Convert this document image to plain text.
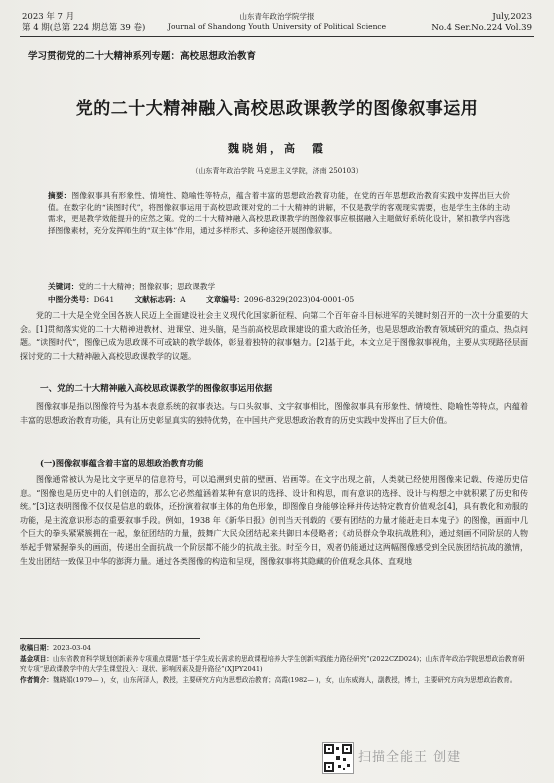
2023 年 7 月
第 4 期(总第 224 期总第 39 卷)
山东青年政治学院学报
Journal of Shandong Youth University of Political Science
July,2023
No.4 Ser.No.224 Vol.39
学习贯彻党的二十大精神系列专题：高校思想政治教育
党的二十大精神融入高校思政课教学的图像叙事运用
魏晓娟，高　霞
（山东青年政治学院 马克思主义学院，济南 250103）
摘要：图像叙事具有形象性、情境性、隐喻性等特点，蕴含着丰富的思想政治教育功能，在党的百年思想政治教育实践中发挥出巨大价值。在数字化的“读图时代”，将图像叙事运用于高校思政课对党的二十大精神的讲解，不仅是教学的客观现实需要，也是学生主体的主动需求，更是教学效能提升的应然之策。党的二十大精神融入高校思政课教学的图像叙事应根据融入主题做好系统化设计，紧扣教学内容选择图像素材，充分发挥师生的“双主体”作用，通过多样形式、多种途径开展图像叙事。
关键词：党的二十大精神；图像叙事；思政课教学
中图分类号：D641	文献标志码：A	文章编号：2096-8329(2023)04-0001-05

党的二十大是全党全国各族人民迈上全面建设社会主义现代化国家新征程、向第二个百年奋斗目标进军的关键时刻召开的一次十分重要的大会。[1]贯彻落实党的二十大精神进教材、进课堂、进头脑，是当前高校思政课建设的重大政治任务，也是思想政治教育领域研究的重点、热点问题。“读图时代”，图像已成为思政课不可或缺的教学载体，彰显着独特的叙事魅力。[2]基于此，本文立足于图像叙事视角，主要从实现路径层面探讨党的二十大精神融入高校思政课教学的议题。

一、党的二十大精神融入高校思政课教学的图像叙事运用依据

图像叙事是指以图像符号为基本表意系统的叙事表达。与口头叙事、文字叙事相比，图像叙事具有形象性、情境性、隐喻性等特点，内蕴着丰富的思想政治教育功能，具有让历史彰显真实的独特优势，在中国共产党思想政治教育的历史实践中发挥出了巨大价值。

(一)图像叙事蕴含着丰富的思想政治教育功能

图像通常被认为是比文字更早的信息符号，可以追溯到史前的壁画、岩画等。在文字出现之前，人类就已经使用图像来记载、传递历史信息。“图像也是历史中的人们创造的，那么它必然蕴涵着某种有意识的选择、设计和构思，而有意识的选择、设计与构想之中就积累了历史和传统。”[3]这表明图像不仅仅是信息的载体，还扮演着叙事主体的角色形象，即图像自身能够诠释并传达特定教育价值观念[4]，具有教化和劝服的功能，是主流意识形态的重要叙事手段。例如，1938 年《新华日报》创刊当天刊载的《要有团结的力量才能赶走日本鬼子》的图像，画面中几个巨大的拳头紧紧簇拥在一起，象征团结的力量，鼓舞广大民众团结起来共御日本侵略者；《动员群众争取抗战胜利》，通过刻画不同阶层的人物举起手臂紧握拳头的画面，传递出全面抗战一个阶层都不能少的抗战主张。时至今日，观者仍能通过这两幅图像感受到全民族团结抗战的激情，生发出团结一致保卫中华的澎湃力量。通过各类图像的构造和呈现，图像叙事将其隐藏的价值观念具体、直观地

收稿日期：2023-03-04
基金项目：山东省教育科学规划创新素养专项重点课题“基于学生成长需求的思政课程培养大学生创新实践能力路径研究”(2022CZD024)；山东青年政治学院思想政治教育研究专项“思政课教学中的大学生课堂投入：现状、影响因素及提升路径”(XJPY2041)
作者简介：魏晓娟(1979— )，女，山东菏泽人，教授，主要研究方向为思想政治教育；高霞(1982— )，女，山东威海人，副教授，博士，主要研究方向为思想政治教育。
扫描全能王 创建
